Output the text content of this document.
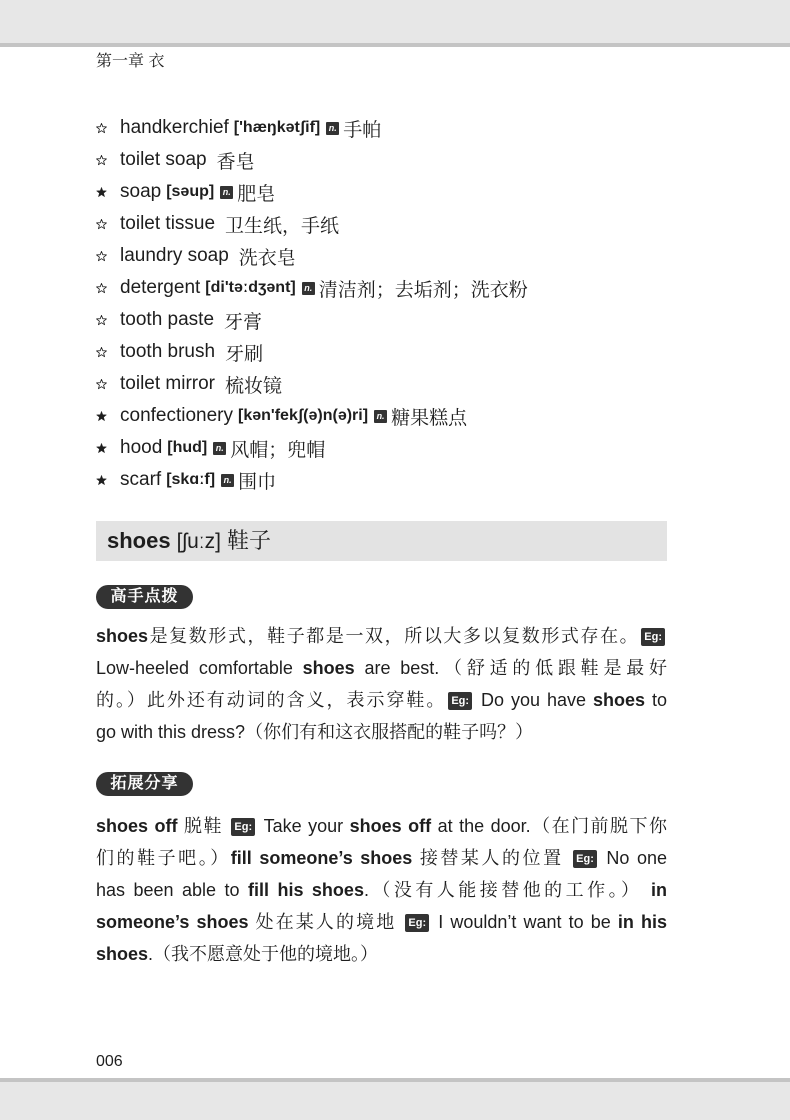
第一章 衣
handkerchief ['hæŋkətʃif] n. 手帕
toilet soap 香皂
soap [səup] n. 肥皂
toilet tissue 卫生纸，手纸
laundry soap 洗衣皂
detergent [di'təːdʒənt] n. 清洁剂；去垢剂；洗衣粉
tooth paste 牙膏
tooth brush 牙刷
toilet mirror 梳妆镜
confectionery [kən'fekʃ(ə)n(ə)ri] n. 糖果糕点
hood [hud] n. 风帽；兜帽
scarf [skɑːf] n. 围巾
shoes [ʃuːz] 鞋子
高手点拨
shoes是复数形式，鞋子都是一双，所以大多以复数形式存在。 Eg:
Low-heeled comfortable shoes are best.（舒适的低跟鞋是最好
的。）此外还有动词的含义，表示穿鞋。 Eg: Do you have shoes to
go with this dress?（你们有和这衣服搭配的鞋子吗？）
拓展分享
shoes off 脱鞋 Eg: Take your shoes off at the door.（在门前脱下你
们的鞋子吧。）fill someone’s shoes 接替某人的位置 Eg: No one
has been able to fill his shoes.（没有人能接替他的工作。） in
someone’s shoes 处在某人的境地 Eg: I wouldn’t want to be in his
shoes.（我不愿意处于他的境地。）
006
